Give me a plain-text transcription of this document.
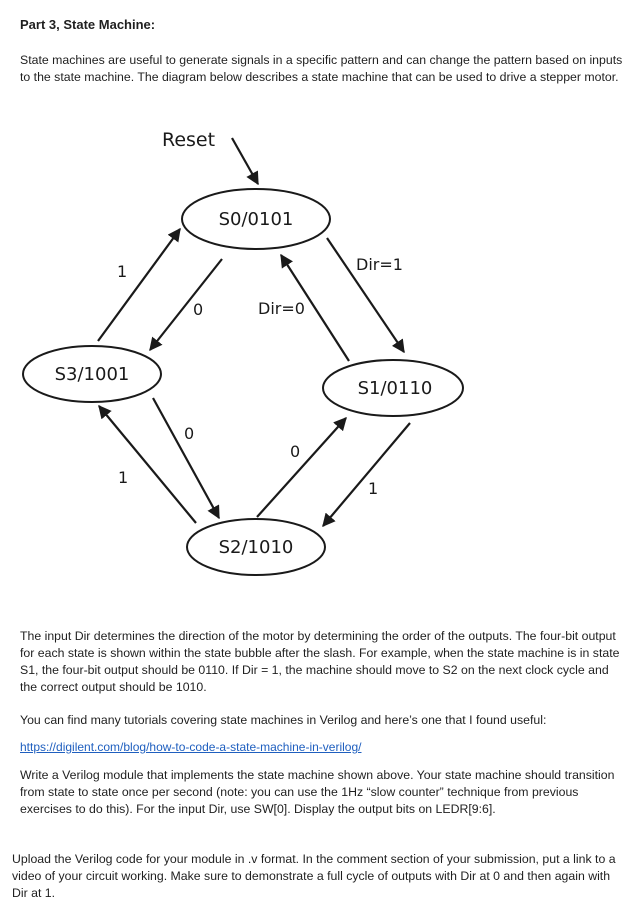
Part 3, State Machine:

State machines are useful to generate signals in a specific pattern and can change the pattern based on inputs to the state machine. The diagram below describes a state machine that can be used to drive a stepper motor.

Reset
1
0	Dir=0
Dir=1
0
1
0
1
S0/0101
S3/1001
S1/0110
S2/1010

The input Dir determines the direction of the motor by determining the order of the outputs. The four-bit output for each state is shown within the state bubble after the slash. For example, when the state machine is in state S1, the four-bit output should be 0110. If Dir = 1, the machine should move to S2 on the next clock cycle and the correct output should be 1010.

You can find many tutorials covering state machines in Verilog and here’s one that I found useful:

https://digilent.com/blog/how-to-code-a-state-machine-in-verilog/

Write a Verilog module that implements the state machine shown above. Your state machine should transition from state to state once per second (note: you can use the 1Hz “slow counter” technique from previous exercises to do this). For the input Dir, use SW[0]. Display the output bits on LEDR[9:6].

Upload the Verilog code for your module in .v format. In the comment section of your submission, put a link to a video of your circuit working. Make sure to demonstrate a full cycle of outputs with Dir at 0 and then again with Dir at 1.
